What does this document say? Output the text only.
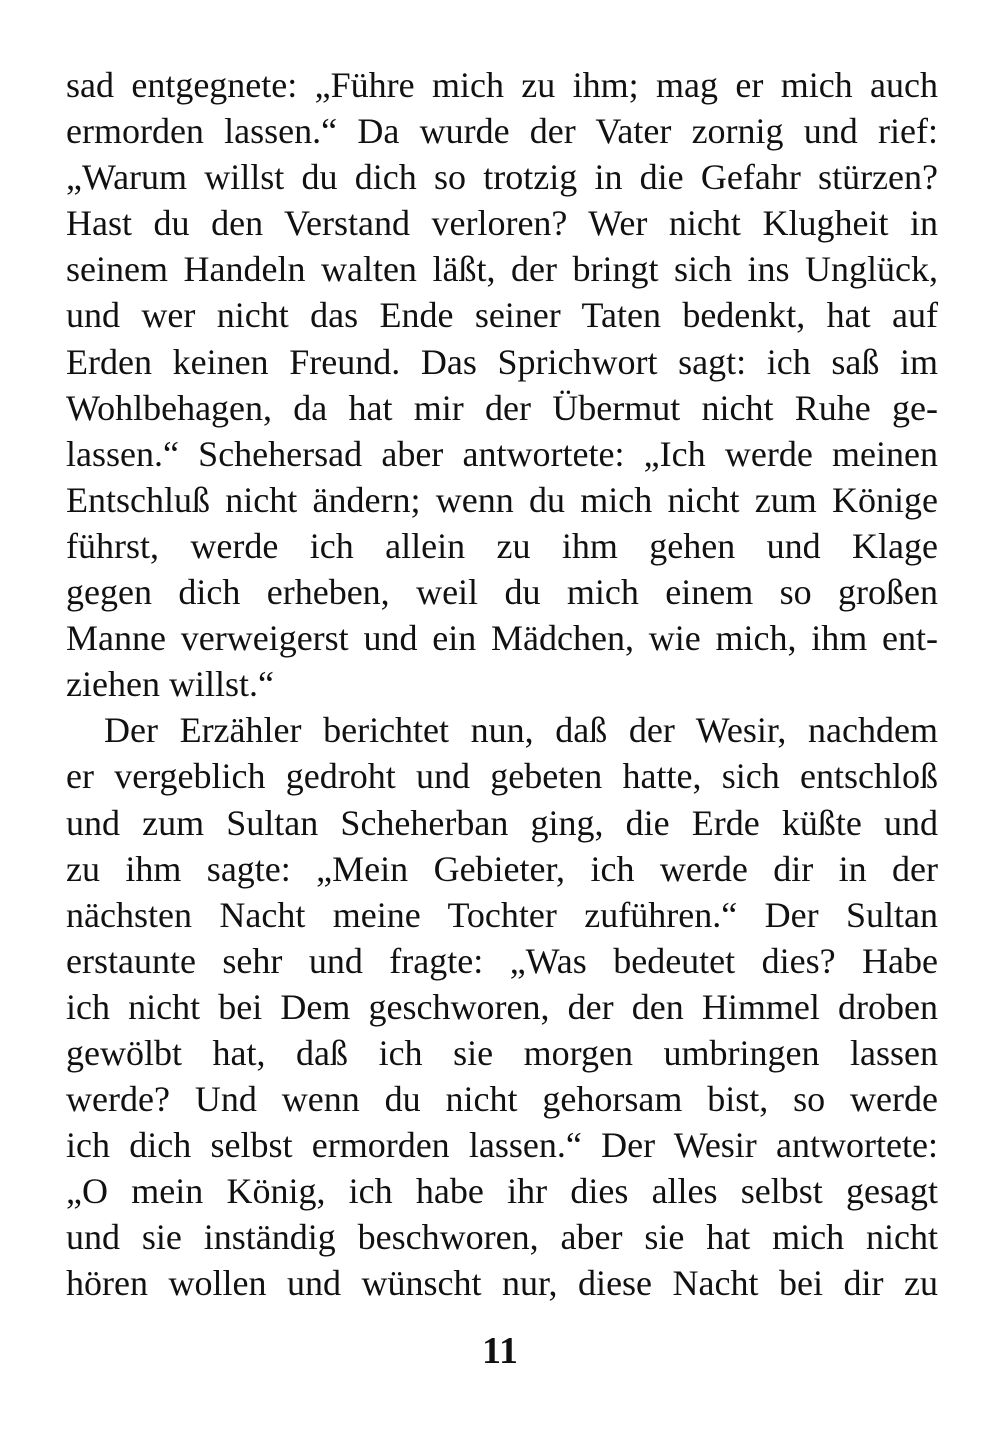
sad entgegnete: „Führe mich zu ihm; mag er mich auch
ermorden lassen.“ Da wurde der Vater zornig und rief:
„Warum willst du dich so trotzig in die Gefahr stürzen?
Hast du den Verstand verloren? Wer nicht Klugheit in
seinem Handeln walten läßt, der bringt sich ins Unglück,
und wer nicht das Ende seiner Taten bedenkt, hat auf
Erden keinen Freund. Das Sprichwort sagt: ich saß im
Wohlbehagen, da hat mir der Übermut nicht Ruhe ge-
lassen.“ Schehersad aber antwortete: „Ich werde meinen
Entschluß nicht ändern; wenn du mich nicht zum Könige
führst, werde ich allein zu ihm gehen und Klage
gegen dich erheben, weil du mich einem so großen
Manne verweigerst und ein Mädchen, wie mich, ihm ent-
ziehen willst.“
Der Erzähler berichtet nun, daß der Wesir, nachdem
er vergeblich gedroht und gebeten hatte, sich entschloß
und zum Sultan Scheherban ging, die Erde küßte und
zu ihm sagte: „Mein Gebieter, ich werde dir in der
nächsten Nacht meine Tochter zuführen.“ Der Sultan
erstaunte sehr und fragte: „Was bedeutet dies? Habe
ich nicht bei Dem geschworen, der den Himmel droben
gewölbt hat, daß ich sie morgen umbringen lassen
werde? Und wenn du nicht gehorsam bist, so werde
ich dich selbst ermorden lassen.“ Der Wesir antwortete:
„O mein König, ich habe ihr dies alles selbst gesagt
und sie inständig beschworen, aber sie hat mich nicht
hören wollen und wünscht nur, diese Nacht bei dir zu
11
